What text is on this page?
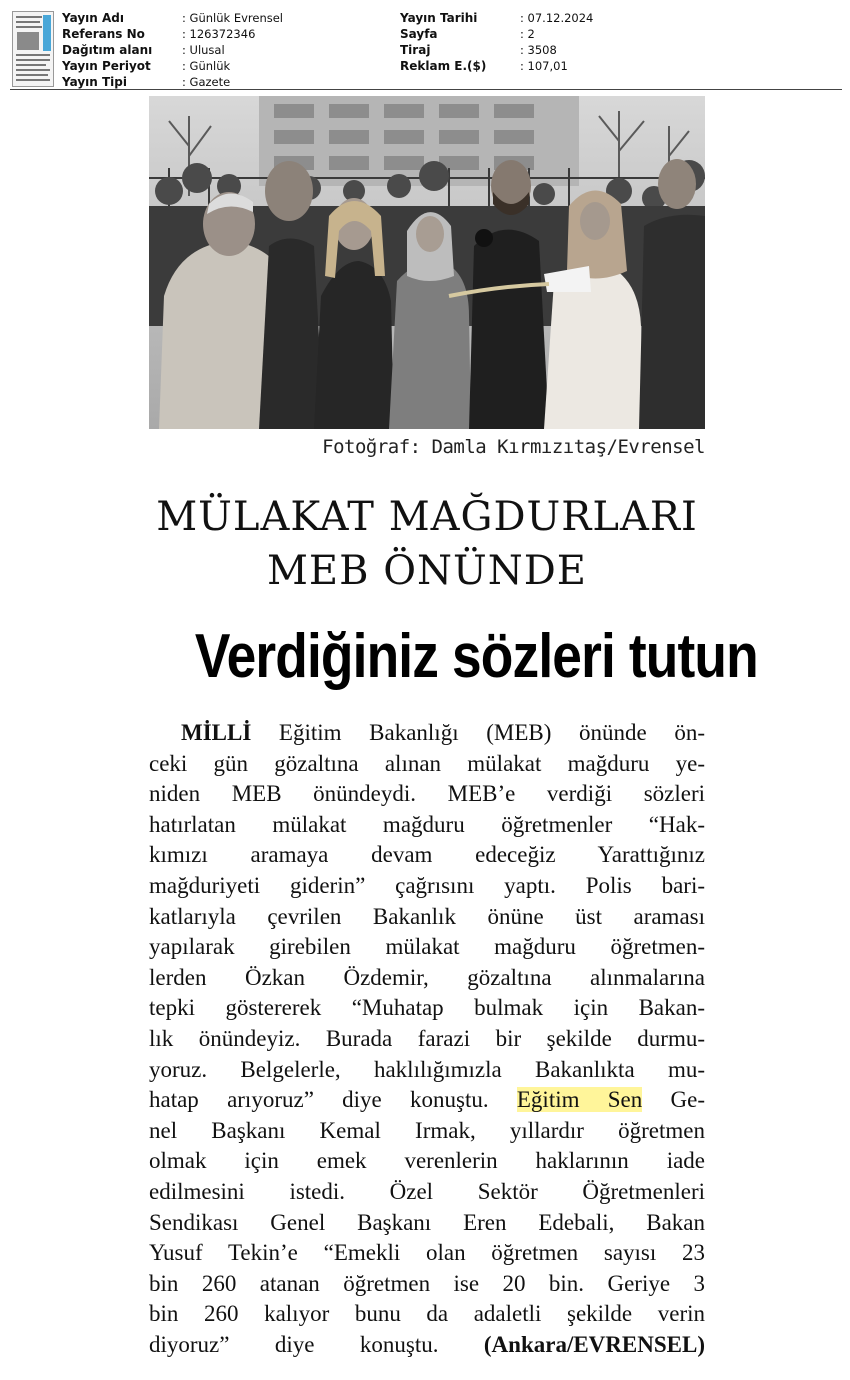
Yayın Adı	: Günlük Evrensel
Referans No	: 126372346
Dağıtım alanı	: Ulusal
Yayın Periyot	: Günlük
Yayın Tipi	: Gazete
Yayın Tarihi	: 07.12.2024
Sayfa	: 2
Tiraj	: 3508
Reklam E.($)	: 107,01
Fotoğraf: Damla Kırmızıtaş/Evrensel
MÜLAKAT MAĞDURLARI
MEB ÖNÜNDE
Verdiğiniz sözleri tutun
MİLLİ Eğitim Bakanlığı (MEB) önünde ön-
ceki gün gözaltına alınan mülakat mağduru ye-
niden MEB önündeydi. MEB’e verdiği sözleri
hatırlatan mülakat mağduru öğretmenler “Hak-
kımızı aramaya devam edeceğiz Yarattığınız
mağduriyeti giderin” çağrısını yaptı. Polis bari-
katlarıyla çevrilen Bakanlık önüne üst araması
yapılarak girebilen mülakat mağduru öğretmen-
lerden Özkan Özdemir, gözaltına alınmalarına
tepki göstererek “Muhatap bulmak için Bakan-
lık önündeyiz. Burada farazi bir şekilde durmu-
yoruz. Belgelerle, haklılığımızla Bakanlıkta mu-
hatap arıyoruz” diye konuştu. Eğitim Sen Ge-
nel Başkanı Kemal Irmak, yıllardır öğretmen
olmak için emek verenlerin haklarının iade
edilmesini istedi. Özel Sektör Öğretmenleri
Sendikası Genel Başkanı Eren Edebali, Bakan
Yusuf Tekin’e “Emekli olan öğretmen sayısı 23
bin 260 atanan öğretmen ise 20 bin. Geriye 3
bin 260 kalıyor bunu da adaletli şekilde verin
diyoruz” diye konuştu. (Ankara/EVRENSEL)
